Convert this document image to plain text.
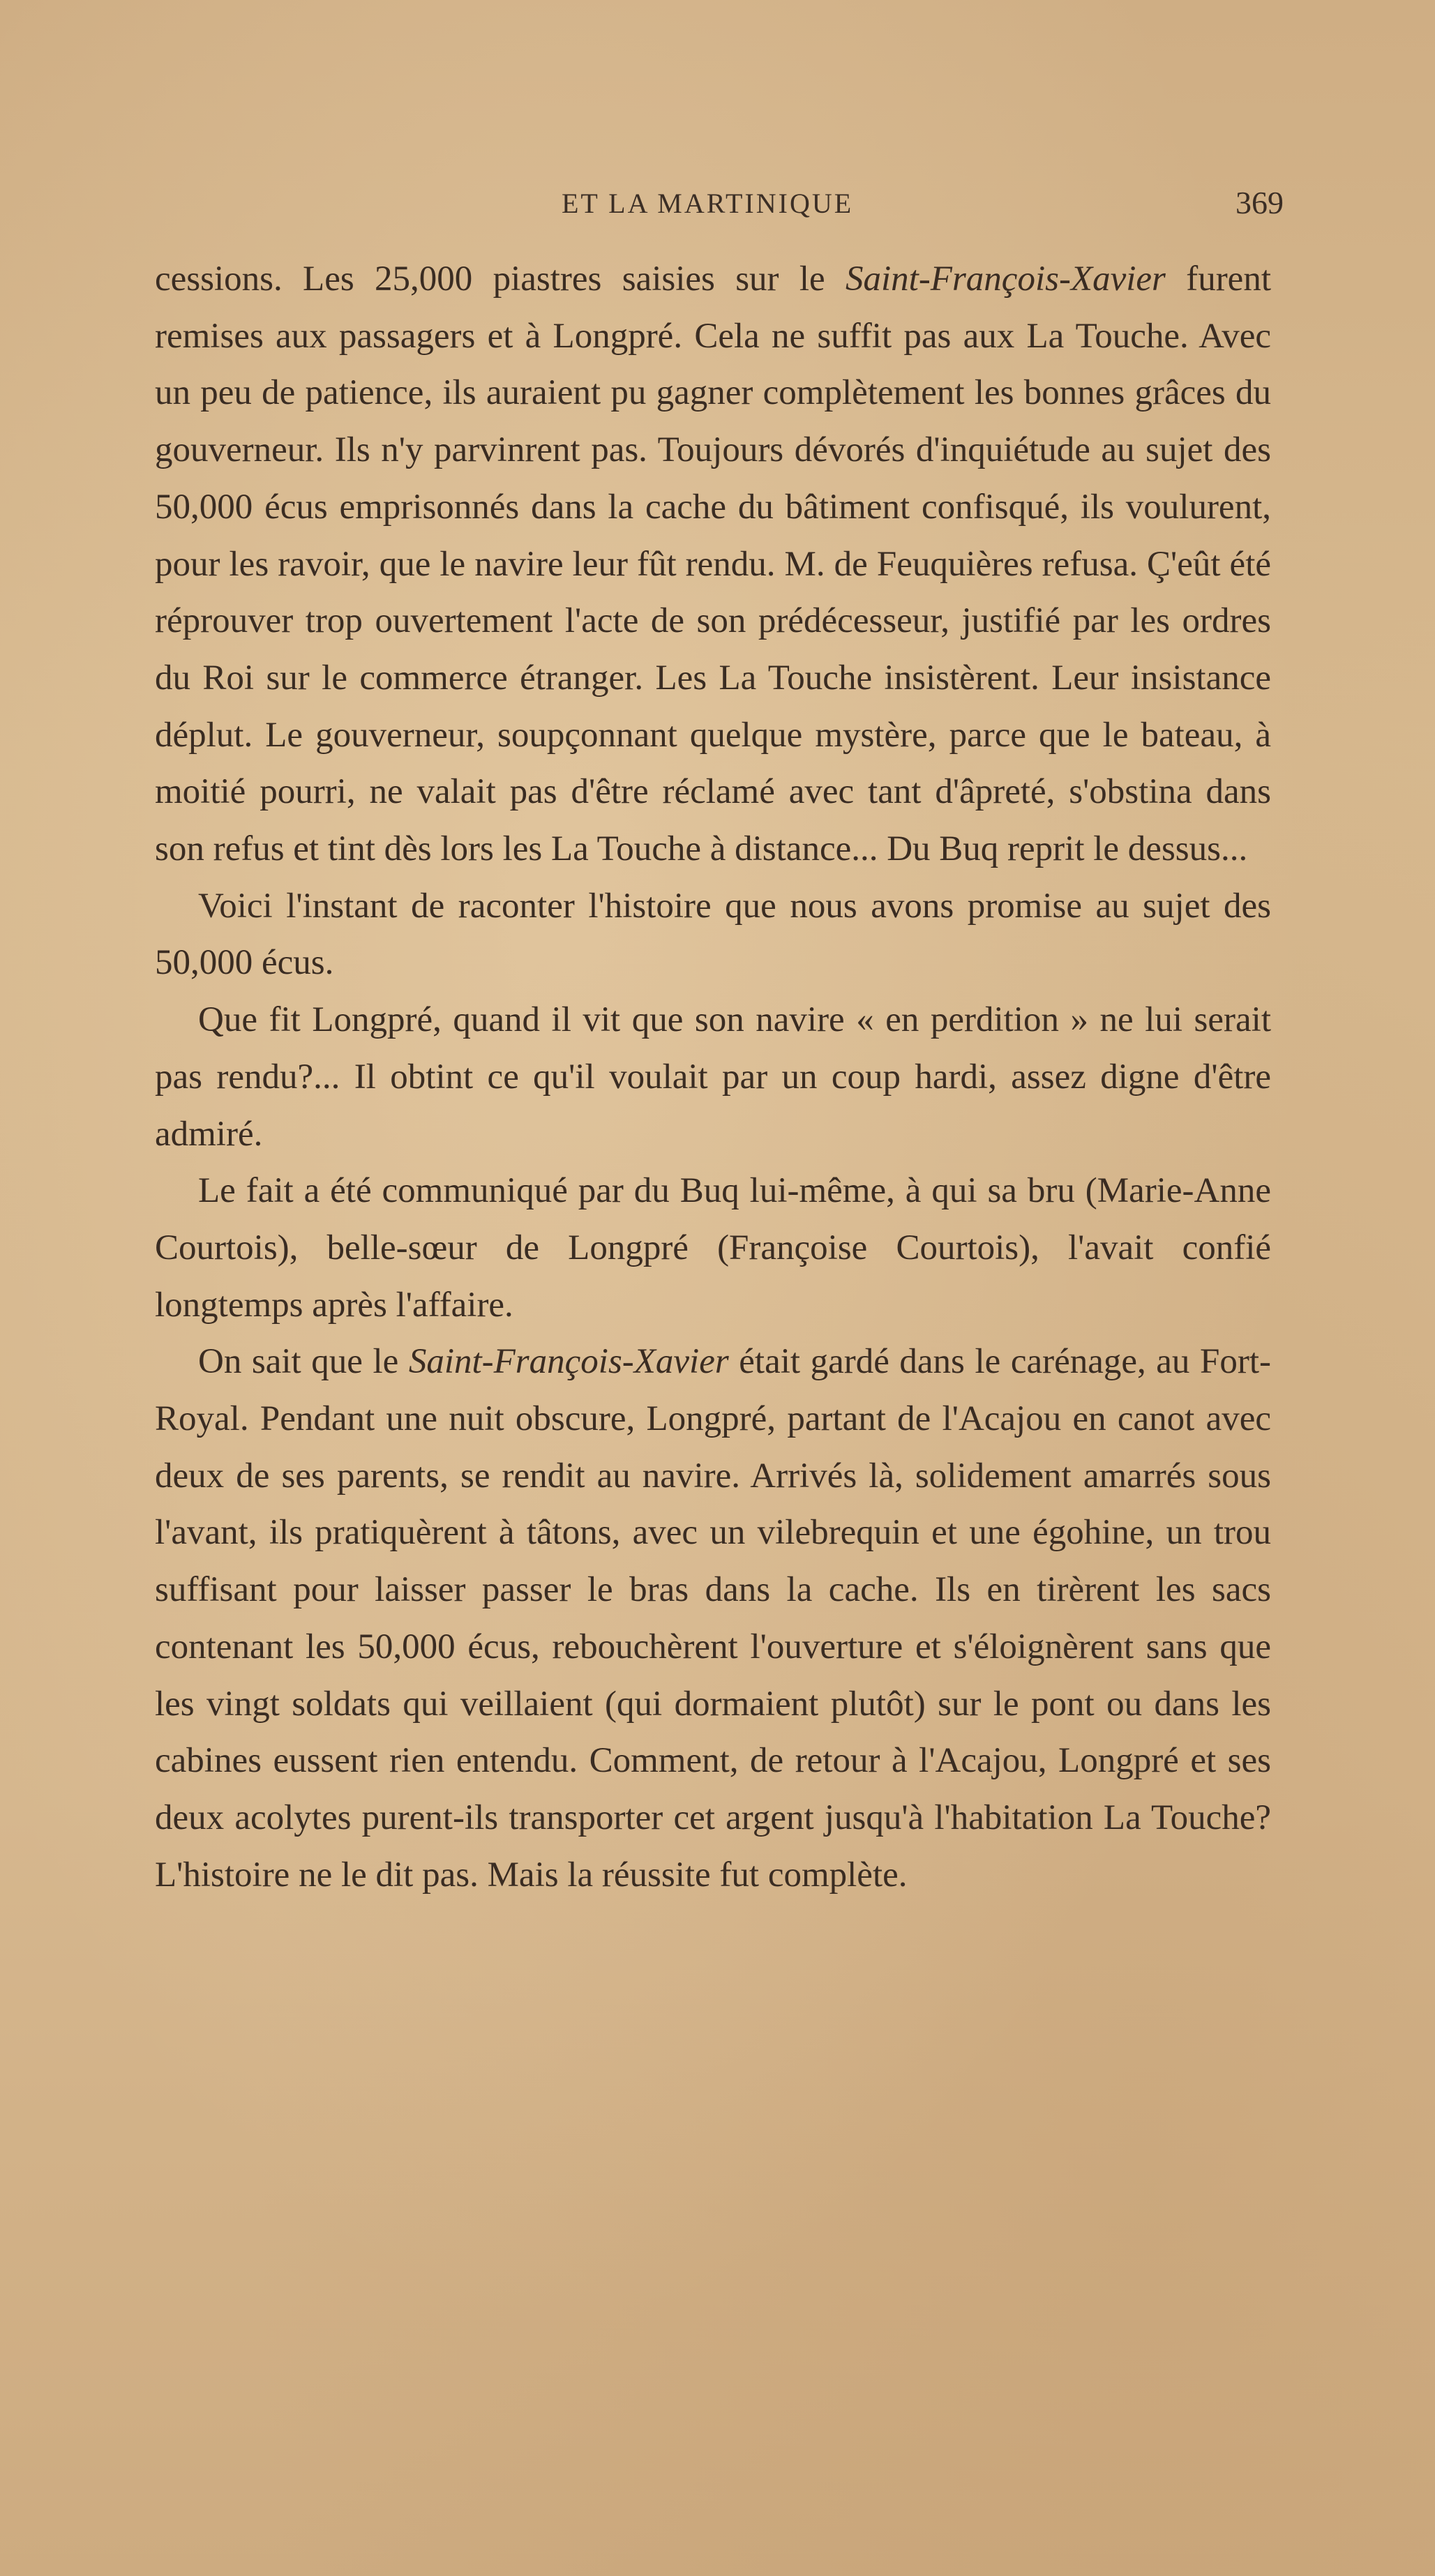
ET LA MARTINIQUE	369

cessions. Les 25,000 piastres saisies sur le Saint-François-Xavier furent remises aux passagers et à Longpré. Cela ne suffit pas aux La Touche. Avec un peu de patience, ils auraient pu gagner complètement les bonnes grâces du gouverneur. Ils n'y parvinrent pas. Toujours dévorés d'inquiétude au sujet des 50,000 écus emprisonnés dans la cache du bâtiment confisqué, ils voulurent, pour les ravoir, que le navire leur fût rendu. M. de Feuquières refusa. Ç'eût été réprouver trop ouvertement l'acte de son prédécesseur, justifié par les ordres du Roi sur le commerce étranger. Les La Touche insistèrent. Leur insistance déplut. Le gouverneur, soupçonnant quelque mystère, parce que le bateau, à moitié pourri, ne valait pas d'être réclamé avec tant d'âpreté, s'obstina dans son refus et tint dès lors les La Touche à distance... Du Buq reprit le dessus...

Voici l'instant de raconter l'histoire que nous avons promise au sujet des 50,000 écus.

Que fit Longpré, quand il vit que son navire « en perdition » ne lui serait pas rendu?... Il obtint ce qu'il voulait par un coup hardi, assez digne d'être admiré.

Le fait a été communiqué par du Buq lui-même, à qui sa bru (Marie-Anne Courtois), belle-sœur de Longpré (Françoise Courtois), l'avait confié longtemps après l'affaire.

On sait que le Saint-François-Xavier était gardé dans le carénage, au Fort-Royal. Pendant une nuit obscure, Longpré, partant de l'Acajou en canot avec deux de ses parents, se rendit au navire. Arrivés là, solidement amarrés sous l'avant, ils pratiquèrent à tâtons, avec un vilebrequin et une égohine, un trou suffisant pour laisser passer le bras dans la cache. Ils en tirèrent les sacs contenant les 50,000 écus, rebouchèrent l'ouverture et s'éloignèrent sans que les vingt soldats qui veillaient (qui dormaient plutôt) sur le pont ou dans les cabines eussent rien entendu. Comment, de retour à l'Acajou, Longpré et ses deux acolytes purent-ils transporter cet argent jusqu'à l'habitation La Touche? L'histoire ne le dit pas. Mais la réussite fut complète.
